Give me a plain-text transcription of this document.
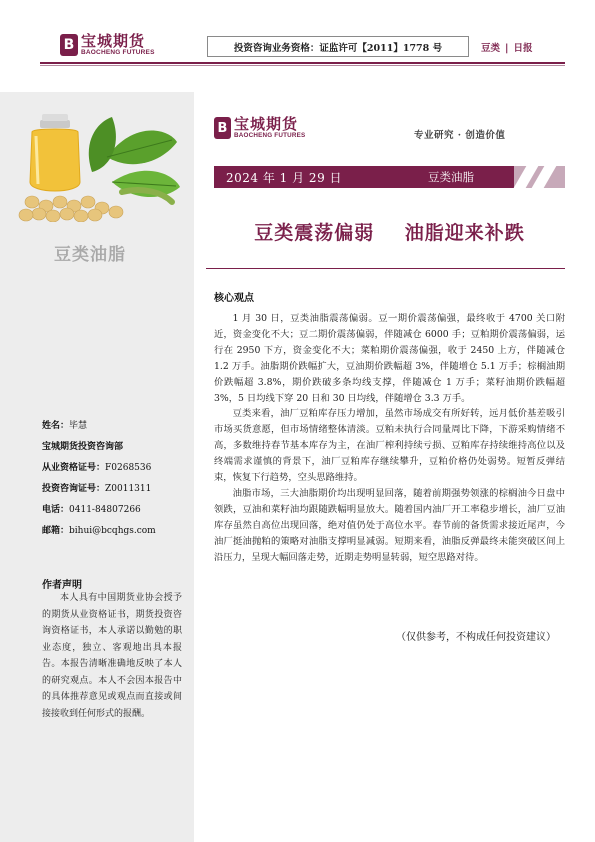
B 宝城期货
BAOCHENG FUTURES	投资咨询业务资格：证监许可【2011】1778 号	豆类 | 日报
豆类油脂
姓名：毕慧
宝城期货投资咨询部
从业资格证号：F0268536
投资咨询证号：Z0011311
电话：0411-84807266
邮箱：bihui@bcqhgs.com
作者声明
本人具有中国期货业协会授予的期货从业资格证书，期货投资咨询资格证书，本人承诺以勤勉的职业态度，独立、客观地出具本报告。本报告清晰准确地反映了本人的研究观点。本人不会因本报告中的具体推荐意见或观点而直接或间接接收到任何形式的报酬。
B 宝城期货
BAOCHENG FUTURES	专业研究 · 创造价值
2024 年 1 月 29 日	豆类油脂
豆类震荡偏弱    油脂迎来补跌
核心观点

1 月 30 日，豆类油脂震荡偏弱。豆一期价震荡偏强，最终收于 4700 关口附近，资金变化不大；豆二期价震荡偏弱，伴随减仓 6000 手；豆粕期价震荡偏弱，运行在 2950 下方，资金变化不大；菜粕期价震荡偏强，收于 2450 上方，伴随减仓 1.2 万手。油脂期价跌幅扩大，豆油期价跌幅超 3%，伴随增仓 5.1 万手；棕榈油期价跌幅超 3.8%，期价跌破多条均线支撑，伴随减仓 1 万手；菜籽油期价跌幅超 3%，5 日均线下穿 20 日和 30 日均线，伴随增仓 3.3 万手。

豆类来看，油厂豆粕库存压力增加，虽然市场成交有所好转，远月低价基差吸引市场买货意愿，但市场情绪整体清淡。豆粕未执行合同量周比下降，下游采购情绪不高，多数维持春节基本库存为主，在油厂榨利持续亏损、豆粕库存持续维持高位以及终端需求谨慎的背景下，油厂豆粕库存继续攀升，豆粕价格仍处弱势。短暂反弹结束，恢复下行趋势，空头思路维持。

油脂市场，三大油脂期价均出现明显回落，随着前期强势领涨的棕榈油今日盘中领跌，豆油和菜籽油均跟随跌幅明显放大。随着国内油厂开工率稳步增长，油厂豆油库存虽然自高位出现回落，绝对值仍处于高位水平。春节前的备货需求接近尾声，今油厂挺油抛粕的策略对油脂支撑明显减弱。短期来看，油脂反弹最终未能突破区间上沿压力，呈现大幅回落走势，近期走势明显转弱，短空思路对待。

（仅供参考，不构成任何投资建议）
